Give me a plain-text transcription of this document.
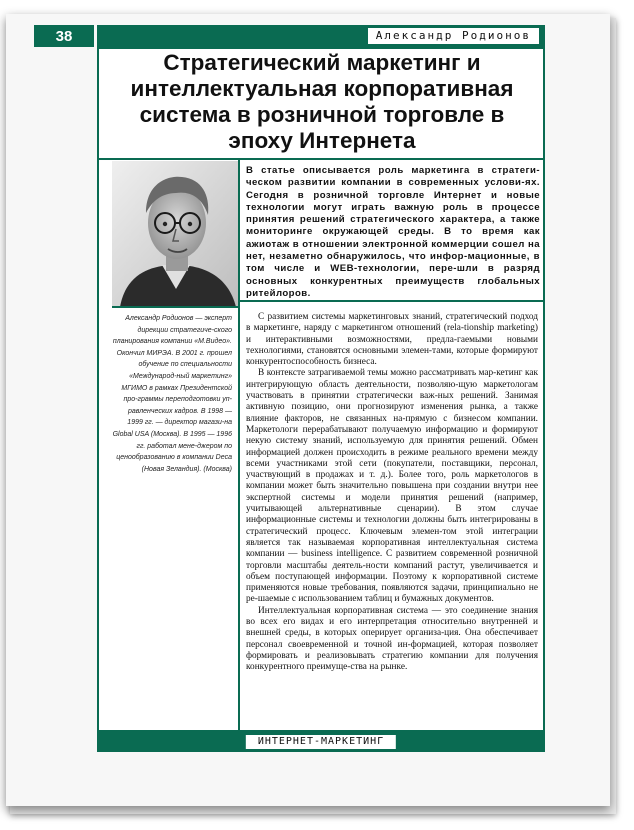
38	Александр Родионов
Стратегический маркетинг и
интеллектуальная корпоративная
система в розничной торговле в
эпоху Интернета
В статье описывается роль маркетинга в стратеги-ческом развитии компании в современных услови-ях. Сегодня в розничной торговле Интернет и новые технологии могут играть важную роль в процессе принятия решений стратегического характера, а также мониторинге окружающей среды. В то время как ажиотаж в отношении электронной коммерции сошел на нет, незаметно обнаружилось, что инфор-мационные, в том числе и WEB-технологии, пере-шли в разряд основных конкурентных преимуществ глобальных ритейлоров.
Александр Родионов — эксперт дирекции стратегиче-ского планирования компании «М.Видео». Окончил МИРЭА. В 2001 г. прошел обучение по специальности «Международ-ный маркетинг» МГИМО в рамках Президентской про-граммы переподготовки уп-равленческих кадров. В 1998 — 1999 гг. — директор магази-на Global USA (Москва). В 1995 — 1996 гг. работал мене-джером по ценообразованию в компании Deca (Новая Зеландия). (Москва)

С развитием системы маркетинговых знаний, стратегический подход в маркетинге, наряду с маркетингом отношений (rela-tionship marketing) и интерактивными возможностями, предла-гаемыми новыми технологиями, становятся основными элемен-тами, которые формируют конкурентоспособность бизнеса.

В контексте затрагиваемой темы можно рассматривать мар-кетинг как интегрирующую область деятельности, позволяю-щую маркетологам участвовать в принятии стратегически важ-ных решений. Занимая активную позицию, они прогнозируют изменения рынка, а также влияние факторов, не связанных на-прямую с бизнесом компании. Маркетологи перерабатывают получаемую информацию и формируют некую систему знаний, используемую для принятия решений. Обмен информацией должен происходить в режиме реального времени между всеми участниками этой сети (покупатели, поставщики, персонал, участвующий в продажах и т. д.). Более того, роль маркетологов в компании может быть значительно повышена при создании внутри нее экспертной системы и модели принятия решений (например, учитывающей альтернативные сценарии). В этом случае информационные системы и технологии должны быть интегрированы в стратегический процесс. Ключевым элемен-том этой интеграции является так называемая корпоративная интеллектуальная система компании — business intelligence. С развитием современной розничной торговли масштабы деятель-ности компаний растут, увеличивается и объем поступающей информации. Поэтому к корпоративной системе применяются новые требования, появляются задачи, принципиально не ре-шаемые с использованием таблиц и бумажных документов.

Интеллектуальная корпоративная система — это соединение знания во всех его видах и его интерпретация относительно внутренней и внешней среды, в которых оперирует организа-ция. Она обеспечивает персонал своевременной и точной ин-формацией, которая позволяет формировать и реализовывать стратегию компании для получения конкурентного преимуще-ства на рынке.

ИНТЕРНЕТ-МАРКЕТИНГ
